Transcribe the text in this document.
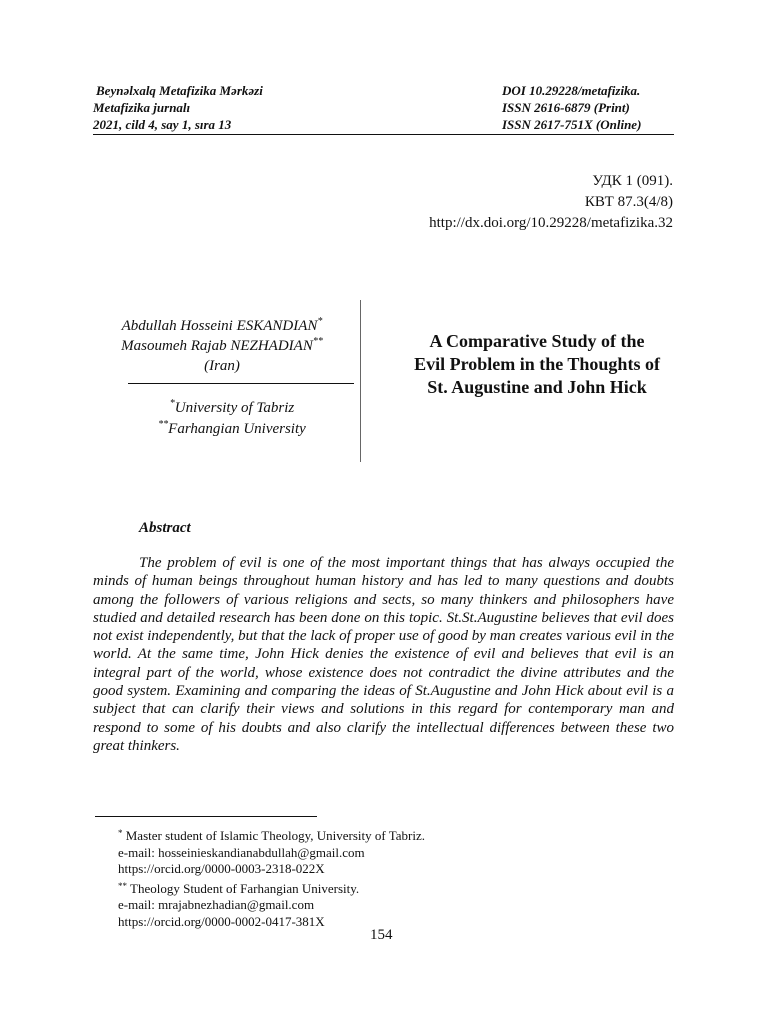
Beynəlxalq Metafizika Mərkəzi
Metafizika jurnalı
2021, cild 4, say 1, sıra 13
DOI 10.29228/metafizika.
ISSN 2616-6879 (Print)
ISSN 2617-751X (Online)
УДК 1 (091).
КВТ 87.3(4/8)
http://dx.doi.org/10.29228/metafizika.32
Abdullah Hosseini ESKANDIAN*
Masoumeh Rajab NEZHADIAN**
(Iran)
*University of Tabriz
**Farhangian University
A Comparative Study of the
Evil Problem in the Thoughts of
St. Augustine and John Hick
Abstract

The problem of evil is one of the most important things that has always occupied the minds of human beings throughout human history and has led to many questions and doubts among the followers of various religions and sects, so many thinkers and philosophers have studied and detailed research has been done on this topic. St.St.Augustine believes that evil does not exist independently, but that the lack of proper use of good by man creates various evil in the world. At the same time, John Hick denies the existence of evil and believes that evil is an integral part of the world, whose existence does not contradict the divine attributes and the good system. Examining and comparing the ideas of St.Augustine and John Hick about evil is a subject that can clarify their views and solutions in this regard for contemporary man and respond to some of his doubts and also clarify the intellectual differences between these two great thinkers.

* Master student of Islamic Theology, University of Tabriz.
e-mail: hosseinieskandianabdullah@gmail.com
https://orcid.org/0000-0003-2318-022X
** Theology Student of Farhangian University.
e-mail: mrajabnezhadian@gmail.com
https://orcid.org/0000-0002-0417-381X
154
